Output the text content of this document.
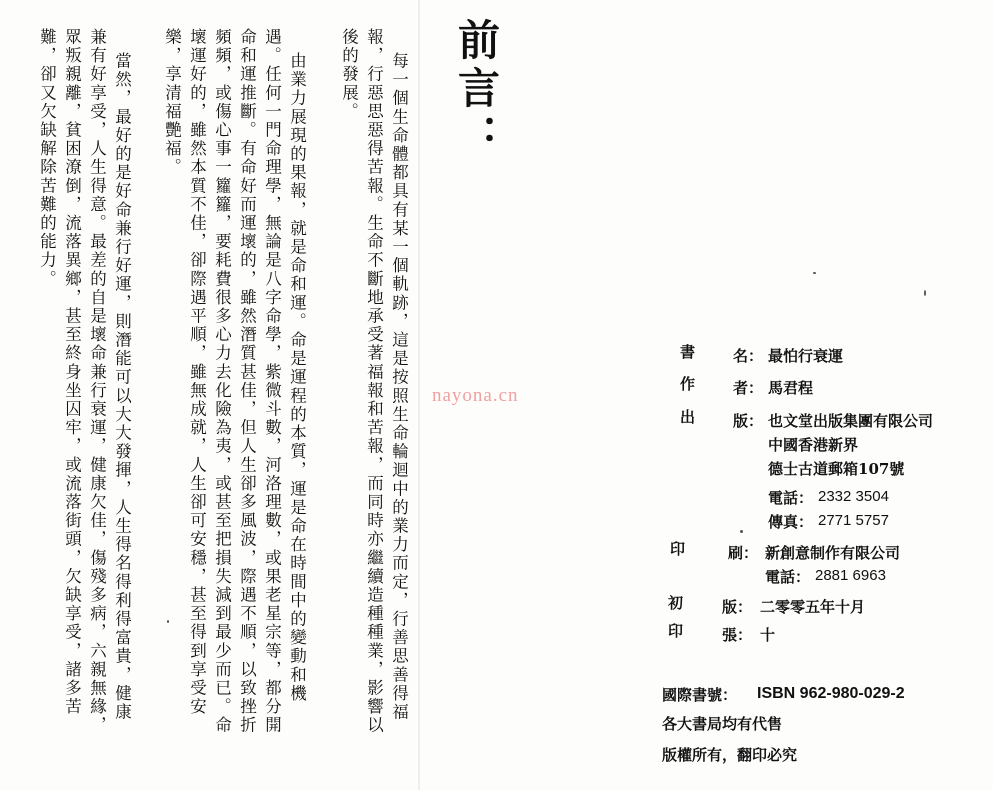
前言：
每一個生命體都具有某一個軌跡，這是按照生命輪迴中的業力而定，行善思善得福
報，行惡思惡得苦報。生命不斷地承受著福報和苦報，而同時亦繼續造種種業，影響以
後的發展。
由業力展現的果報，就是命和運。命是運程的本質，運是命在時間中的變動和機
遇。任何一門命理學，無論是八字命學，紫微斗數，河洛理數，或果老星宗等，都分開
命和運推斷。有命好而運壞的，雖然潛質甚佳，但人生卻多風波，際遇不順，以致挫折
頻頻，或傷心事一籮籮，要耗費很多心力去化險為夷，或甚至把損失減到最少而已。命
壞運好的，雖然本質不佳，卻際遇平順，雖無成就，人生卻可安穩，甚至得到享受安
樂，享清福艷福。
當然，最好的是好命兼行好運，則潛能可以大大發揮，人生得名得利得富貴，健康
兼有好享受，人生得意。最差的自是壞命兼行衰運，健康欠佳，傷殘多病，六親無緣，
眾叛親離，貧困潦倒，流落異鄉，甚至終身坐囚牢，或流落街頭，欠缺享受，諸多苦
難，卻又欠缺解除苦難的能力。
nayona.cn
書	名： 最怕行衰運
作	者： 馬君程
出	版： 也文堂出版集團有限公司
中國香港新界
德士古道郵箱107號
電話： 2332 3504
傳真： 2771 5757
印	刷： 新創意制作有限公司
電話： 2881 6963
初	版： 二零零五年十月
印	張： 十
國際書號： ISBN 962-980-029-2
各大書局均有代售
版權所有，翻印必究
